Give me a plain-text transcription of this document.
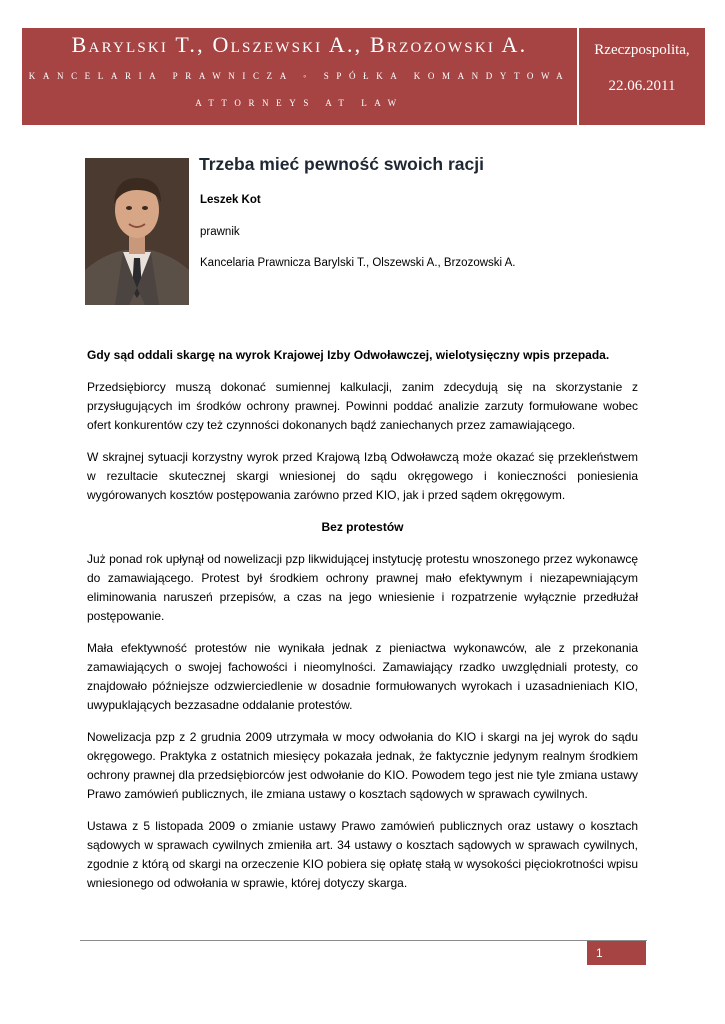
Barylski T., Olszewski A., Brzozowski A.
KANCELARIA PRAWNICZA ◦ SPÓŁKA KOMANDYTOWA
ATTORNEYS AT LAW
Rzeczpospolita,
22.06.2011
Trzeba mieć pewność swoich racji
Leszek Kot
prawnik
Kancelaria Prawnicza Barylski T., Olszewski A., Brzozowski A.

Gdy sąd oddali skargę na wyrok Krajowej Izby Odwoławczej, wielotysięczny wpis przepada.

Przedsiębiorcy muszą dokonać sumiennej kalkulacji, zanim zdecydują się na skorzystanie z przysługujących im środków ochrony prawnej. Powinni poddać analizie zarzuty formułowane wobec ofert konkurentów czy też czynności dokonanych bądź zaniechanych przez zamawiającego.

W skrajnej sytuacji korzystny wyrok przed Krajową Izbą Odwoławczą może okazać się przekleństwem w rezultacie skutecznej skargi wniesionej do sądu okręgowego i konieczności poniesienia wygórowanych kosztów postępowania zarówno przed KIO, jak i przed sądem okręgowym.

Bez protestów

Już ponad rok upłynął od nowelizacji pzp likwidującej instytucję protestu wnoszonego przez wykonawcę do zamawiającego. Protest był środkiem ochrony prawnej mało efektywnym i niezapewniającym eliminowania naruszeń przepisów, a czas na jego wniesienie i rozpatrzenie wyłącznie przedłużał postępowanie.

Mała efektywność protestów nie wynikała jednak z pieniactwa wykonawców, ale z przekonania zamawiających o swojej fachowości i nieomylności. Zamawiający rzadko uwzględniali protesty, co znajdowało późniejsze odzwierciedlenie w dosadnie formułowanych wyrokach i uzasadnieniach KIO, uwypuklających bezzasadne oddalanie protestów.

Nowelizacja pzp z 2 grudnia 2009 utrzymała w mocy odwołania do KIO i skargi na jej wyrok do sądu okręgowego. Praktyka z ostatnich miesięcy pokazała jednak, że faktycznie jedynym realnym środkiem ochrony prawnej dla przedsiębiorców jest odwołanie do KIO. Powodem tego jest nie tyle zmiana ustawy Prawo zamówień publicznych, ile zmiana ustawy o kosztach sądowych w sprawach cywilnych.

Ustawa z 5 listopada 2009 o zmianie ustawy Prawo zamówień publicznych oraz ustawy o kosztach sądowych w sprawach cywilnych zmieniła art. 34 ustawy o kosztach sądowych w sprawach cywilnych, zgodnie z którą od skargi na orzeczenie KIO pobiera się opłatę stałą w wysokości pięciokrotności wpisu wniesionego od odwołania w sprawie, której dotyczy skarga.

1
